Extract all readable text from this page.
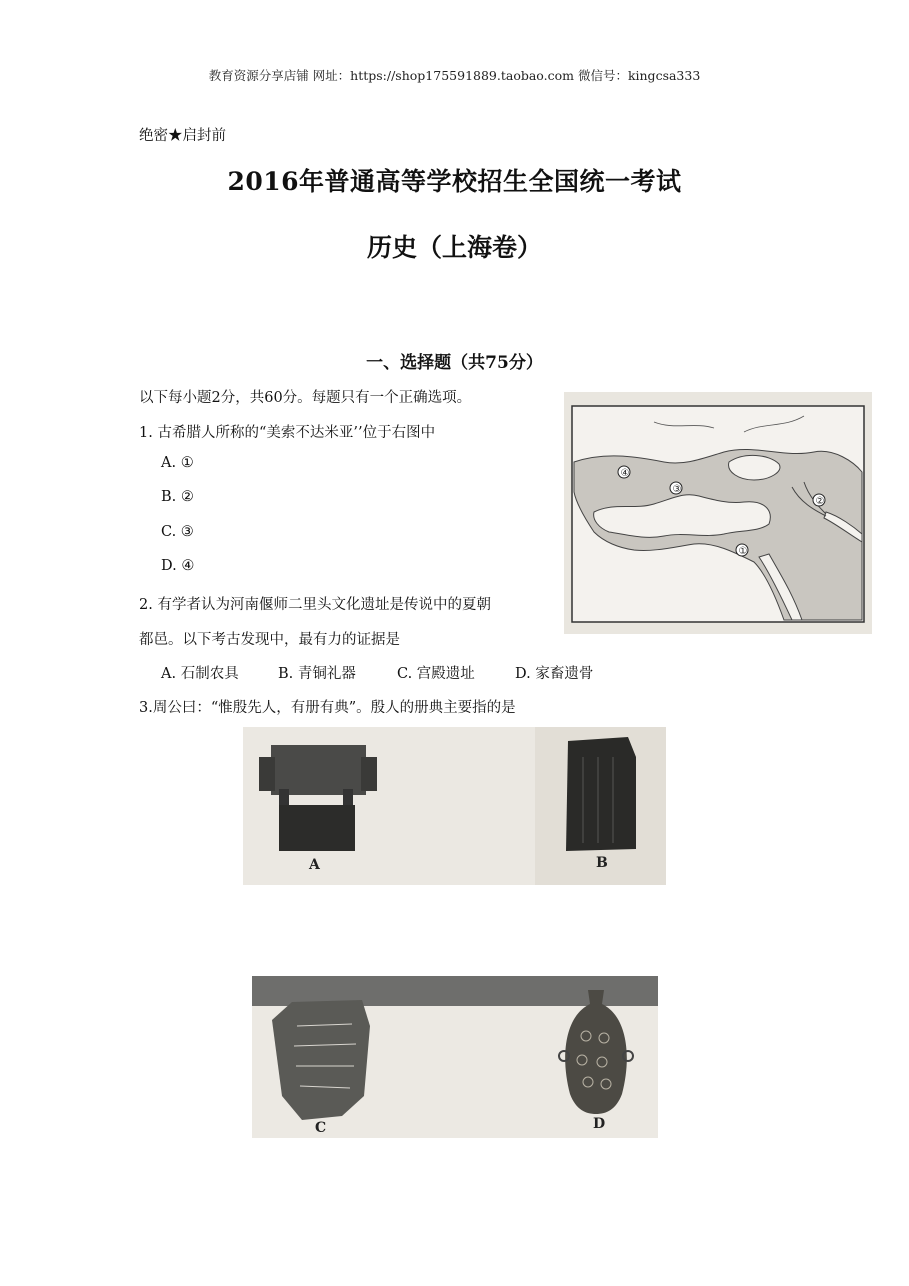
教育资源分享店铺 网址：https://shop175591889.taobao.com 微信号：kingcsa333
绝密★启封前
2016年普通高等学校招生全国统一考试
历史（上海卷）
一、选择题（共75分）
以下每小题2分，共60分。每题只有一个正确选项。
1. 古希腊人所称的“美索不达米亚’’位于右图中
A. ①
B. ②
C. ③
D. ④
④
③
②
①
2. 有学者认为河南偃师二里头文化遗址是传说中的夏朝
都邑。以下考古发现中，最有力的证据是
A. 石制农具	B. 青铜礼器	C. 宫殿遗址	D. 家畜遗骨
3.周公曰：“惟殷先人，有册有典”。殷人的册典主要指的是
A	B
C	D
